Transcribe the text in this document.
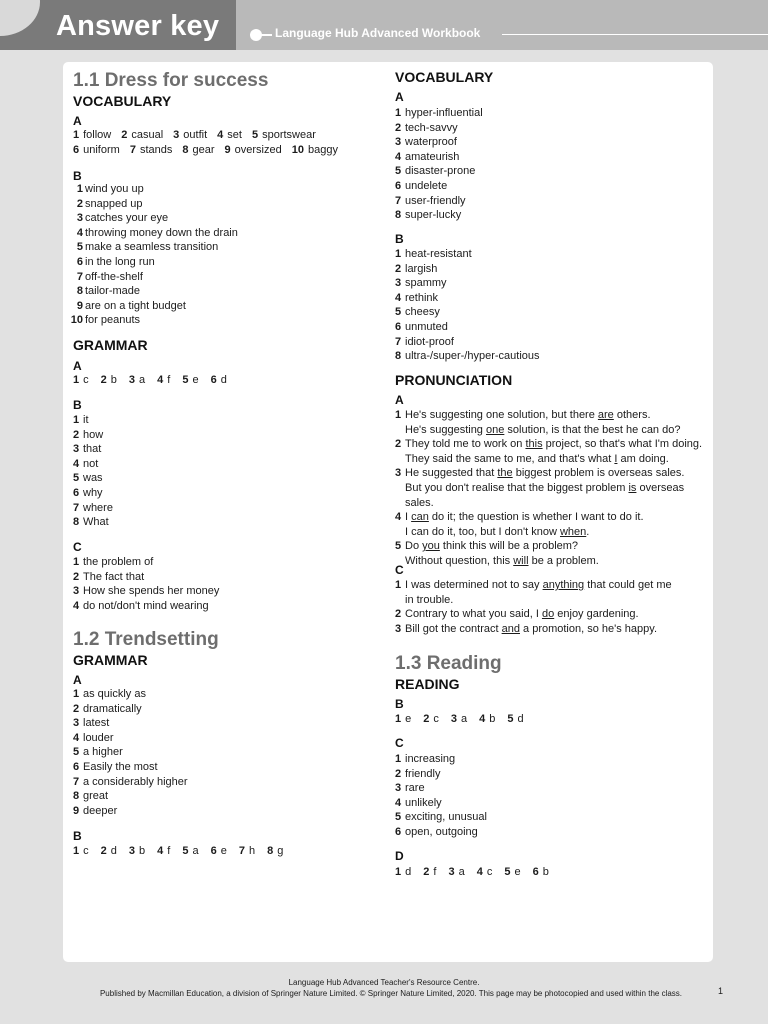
Answer key	Language Hub Advanced Workbook
1.1 Dress for success
VOCABULARY
A
1 follow 2 casual 3 outfit 4 set 5 sportswear
6 uniform 7 stands 8 gear 9 oversized 10 baggy
B
1 wind you up
2 snapped up
3 catches your eye
4 throwing money down the drain
5 make a seamless transition
6 in the long run
7 off-the-shelf
8 tailor-made
9 are on a tight budget
10 for peanuts
GRAMMAR
A
1 c 2 b 3 a 4 f 5 e 6 d
B
1 it
2 how
3 that
4 not
5 was
6 why
7 where
8 What
C
1 the problem of
2 The fact that
3 How she spends her money
4 do not/don't mind wearing
1.2 Trendsetting
GRAMMAR
A
1 as quickly as
2 dramatically
3 latest
4 louder
5 a higher
6 Easily the most
7 a considerably higher
8 great
9 deeper
B
1 c 2 d 3 b 4 f 5 a 6 e 7 h 8 g
VOCABULARY
A
1 hyper-influential
2 tech-savvy
3 waterproof
4 amateurish
5 disaster-prone
6 undelete
7 user-friendly
8 super-lucky
B
1 heat-resistant
2 largish
3 spammy
4 rethink
5 cheesy
6 unmuted
7 idiot-proof
8 ultra-/super-/hyper-cautious
PRONUNCIATION
A
1 He's suggesting one solution, but there are others.
He's suggesting one solution, is that the best he can do?
2 They told me to work on this project, so that's what I'm doing.
They said the same to me, and that's what I am doing.
3 He suggested that the biggest problem is overseas sales.
But you don't realise that the biggest problem is overseas sales.
4 I can do it; the question is whether I want to do it.
I can do it, too, but I don't know when.
5 Do you think this will be a problem?
Without question, this will be a problem.
C
1 I was determined not to say anything that could get me
in trouble.
2 Contrary to what you said, I do enjoy gardening.
3 Bill got the contract and a promotion, so he's happy.
1.3 Reading
READING
B
1 e 2 c 3 a 4 b 5 d
C
1 increasing
2 friendly
3 rare
4 unlikely
5 exciting, unusual
6 open, outgoing
D
1 d 2 f 3 a 4 c 5 e 6 b
Language Hub Advanced Teacher's Resource Centre.
Published by Macmillan Education, a division of Springer Nature Limited. © Springer Nature Limited, 2020. This page may be photocopied and used within the class.	1
